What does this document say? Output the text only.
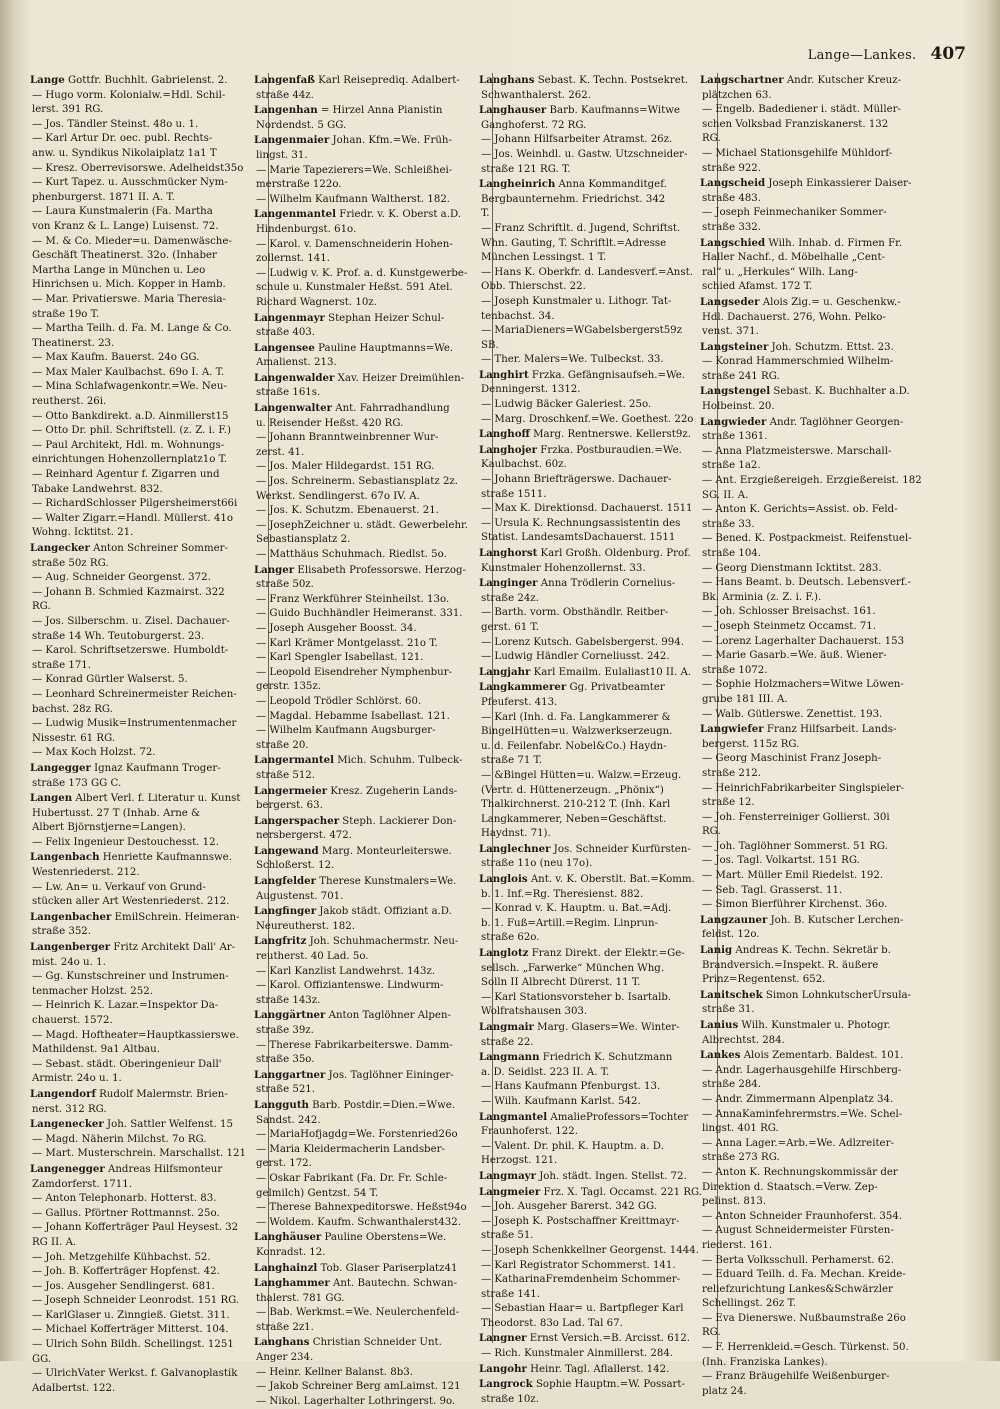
Lange—Lankes. 407

Lange Gottfr. Buchhlt. Gabrielenst. 2.

— Hugo vorm. Kolonialw.=Hdl. Schil-

lerst. 391 RG.

— Jos. Tändler Steinst. 48o u. 1.

— Karl Artur Dr. oec. publ. Rechts-

anw. u. Syndikus Nikolaiplatz 1a1 T

— Kresz. Oberrevisorswe. Adelheidst35o

— Kurt Tapez. u. Ausschmücker Nym-

phenburgerst. 1871 II. A. T.

— Laura Kunstmalerin (Fa. Martha

von Kranz & L. Lange) Luisenst. 72.

— M. & Co. Mieder=u. Damenwäsche-

Geschäft Theatinerst. 32o. (Inhaber

Martha Lange in München u. Leo

Hinrichsen u. Mich. Kopper in Hamb.

— Mar. Privatierswe. Maria Theresia-

straße 19o T.

— Martha Teilh. d. Fa. M. Lange & Co.

Theatinerst. 23.

— Max Kaufm. Bauerst. 24o GG.

— Max Maler Kaulbachst. 69o I. A. T.

— Mina Schlafwagenkontr.=We. Neu-

reutherst. 26i.

— Otto Bankdirekt. a.D. Ainmillerst15

— Otto Dr. phil. Schriftstell. (z. Z. i. F.)

— Paul Architekt, Hdl. m. Wohnungs-

einrichtungen Hohenzollernplatz1o T.

— Reinhard Agentur f. Zigarren und

Tabake Landwehrst. 832.

— RichardSchlosser Pilgersheimerst66i

— Walter Zigarr.=Handl. Müllerst. 41o

Wohng. Icktitst. 21.

Langecker Anton Schreiner Sommer-

straße 50z RG.

— Aug. Schneider Georgenst. 372.

— Johann B. Schmied Kazmairst. 322

RG.

— Jos. Silberschm. u. Zisel. Dachauer-

straße 14 Wh. Teutoburgerst. 23.

— Karol. Schriftsetzerswe. Humboldt-

straße 171.

— Konrad Gürtler Walserst. 5.

— Leonhard Schreinermeister Reichen-

bachst. 28z RG.

— Ludwig Musik=Instrumentenmacher

Nissestr. 61 RG.

— Max Koch Holzst. 72.

Langegger Ignaz Kaufmann Troger-

straße 173 GG C.

Langen Albert Verl. f. Literatur u. Kunst

Hubertusst. 27 T (Inhab. Arne &

Albert Björnstjerne=Langen).

— Felix Ingenieur Destouchesst. 12.

Langenbach Henriette Kaufmannswe.

Westenriederst. 212.

— Lw. An= u. Verkauf von Grund-

stücken aller Art Westenriederst. 212.

Langenbacher EmilSchrein. Heimeran-

straße 352.

Langenberger Fritz Architekt Dall' Ar-

mist. 24o u. 1.

— Gg. Kunstschreiner und Instrumen-

tenmacher Holzst. 252.

— Heinrich K. Lazar.=Inspektor Da-

chauerst. 1572.

— Magd. Hoftheater=Hauptkassierswe.

Mathildenst. 9a1 Altbau.

— Sebast. städt. Oberingenieur Dall'

Armistr. 24o u. 1.

Langendorf Rudolf Malermstr. Brien-

nerst. 312 RG.

Langenecker Joh. Sattler Welfenst. 15

— Magd. Näherin Milchst. 7o RG.

— Mart. Musterschrein. Marschallst. 121

Langenegger Andreas Hilfsmonteur

Zamdorferst. 1711.

— Anton Telephonarb. Hotterst. 83.

— Gallus. Pförtner Rottmannst. 25o.

— Johann Kofferträger Paul Heysest. 32

RG II. A.

— Joh. Metzgehilfe Kühbachst. 52.

— Joh. B. Kofferträger Hopfenst. 42.

— Jos. Ausgeher Sendlingerst. 681.

— Joseph Schneider Leonrodst. 151 RG.

— KarlGlaser u. Zinngieß. Gietst. 311.

— Michael Kofferträger Mitterst. 104.

— Ulrich Sohn Bildh. Schellingst. 1251

GG.

— UlrichVater Werkst. f. Galvanoplastik

Adalbertst. 122.

Langenfaß Karl Reiseprediq. Adalbert-

straße 44z.

Langenhan = Hirzel Anna Pianistin

Nordendst. 5 GG.

Langenmaier Johan. Kfm.=We. Früh-

lingst. 31.

— Marie Tapezierers=We. Schleißhei-

merstraße 122o.

— Wilhelm Kaufmann Waltherst. 182.

Langenmantel Friedr. v. K. Oberst a.D.

Hindenburgst. 61o.

— Karol. v. Damenschneiderin Hohen-

zollernst. 141.

— Ludwig v. K. Prof. a. d. Kunstgewerbe-

schule u. Kunstmaler Heßst. 591 Atel.

Richard Wagnerst. 10z.

Langenmayr Stephan Heizer Schul-

straße 403.

Langensee Pauline Hauptmanns=We.

Amalienst. 213.

Langenwalder Xav. Heizer Dreimühlen-

straße 161s.

Langenwalter Ant. Fahrradhandlung

u. Reisender Heßst. 420 RG.

— Johann Branntweinbrenner Wur-

zerst. 41.

— Jos. Maler Hildegardst. 151 RG.

— Jos. Schreinerm. Sebastiansplatz 2z.

Werkst. Sendlingerst. 67o IV. A.

— Jos. K. Schutzm. Ebenauerst. 21.

— JosephZeichner u. städt. Gewerbelehr.

Sebastiansplatz 2.

— Matthäus Schuhmach. Riedlst. 5o.

Langer Elisabeth Professorswe. Herzog-

straße 50z.

— Franz Werkführer Steinheilst. 13o.

— Guido Buchhändler Heimeranst. 331.

— Joseph Ausgeher Boosst. 34.

— Karl Krämer Montgelasst. 21o T.

— Karl Spengler Isabellast. 121.

— Leopold Eisendreher Nymphenbur-

gerstr. 135z.

— Leopold Trödler Schlörst. 60.

— Magdal. Hebamme Isabellast. 121.

— Wilhelm Kaufmann Augsburger-

straße 20.

Langermantel Mich. Schuhm. Tulbeck-

straße 512.

Langermeier Kresz. Zugeherin Lands-

bergerst. 63.

Langerspacher Steph. Lackierer Don-

nersbergerst. 472.

Langewand Marg. Monteurleiterswe.

Schloßerst. 12.

Langfelder Therese Kunstmalers=We.

Augustenst. 701.

Langfinger Jakob städt. Offiziant a.D.

Neureutherst. 182.

Langfritz Joh. Schuhmachermstr. Neu-

reutherst. 40 Lad. 5o.

— Karl Kanzlist Landwehrst. 143z.

— Karol. Offiziantenswe. Lindwurm-

straße 143z.

Langgärtner Anton Taglöhner Alpen-

straße 39z.

— Therese Fabrikarbeiterswe. Damm-

straße 35o.

Langgartner Jos. Taglöhner Eininger-

straße 521.

Langguth Barb. Postdir.=Dien.=Wwe.

Sandst. 242.

— MariaHofjagdg=We. Forstenried26o

— Maria Kleidermacherin Landsber-

gerst. 172.

— Oskar Fabrikant (Fa. Dr. Fr. Schle-

gelmilch) Gentzst. 54 T.

— Therese Bahnexpeditorswe. Heßst94o

— Woldem. Kaufm. Schwanthalerst432.

Langhäuser Pauline Oberstens=We.

Konradst. 12.

Langhainzl Tob. Glaser Pariserplatz41

Langhammer Ant. Bautechn. Schwan-

thalerst. 781 GG.

— Bab. Werkmst.=We. Neulerchenfeld-

straße 2z1.

Langhans Christian Schneider Unt.

Anger 234.

— Heinr. Kellner Balanst. 8b3.

— Jakob Schreiner Berg amLaimst. 121

— Nikol. Lagerhalter Lothringerst. 9o.

Langhans Sebast. K. Techn. Postsekret.

Schwanthalerst. 262.

Langhauser Barb. Kaufmanns=Witwe

Ganghoferst. 72 RG.

— Johann Hilfsarbeiter Atramst. 26z.

— Jos. Weinhdl. u. Gastw. Utzschneider-

straße 121 RG. T.

Langheinrich Anna Kommanditgef.

Bergbaunternehm. Friedrichst. 342

T.

— Franz Schriftlt. d. Jugend, Schriftst.

Whn. Gauting, T. Schriftlt.=Adresse

München Lessingst. 1 T.

— Hans K. Oberkfr. d. Landesverf.=Anst.

Obb. Thierschst. 22.

— Joseph Kunstmaler u. Lithogr. Tat-

tenbachst. 34.

— MariaDieners=WGabelsbergerst59z

SB.

— Ther. Malers=We. Tulbeckst. 33.

Langhirt Frzka. Gefängnisaufseh.=We.

Denningerst. 1312.

— Ludwig Bäcker Galeriest. 25o.

— Marg. Droschkenf.=We. Goethest. 22o

Langhoff Marg. Rentnerswe. Kellerst9z.

Langhojer Frzka. Postburaudien.=We.

Kaulbachst. 60z.

— Johann Briefträgerswe. Dachauer-

straße 1511.

— Max K. Direktionsd. Dachauerst. 1511

— Ursula K. Rechnungsassistentin des

Statist. LandesamtsDachauerst. 1511

Langhorst Karl Großh. Oldenburg. Prof.

Kunstmaler Hohenzollernst. 33.

Langinger Anna Trödlerin Cornelius-

straße 24z.

— Barth. vorm. Obsthändlr. Reitber-

gerst. 61 T.

— Lorenz Kutsch. Gabelsbergerst. 994.

— Ludwig Händler Corneliusst. 242.

Langjahr Karl Emailm. Eulaliast10 II. A.

Langkammerer Gg. Privatbeamter

Pfeuferst. 413.

— Karl (Inh. d. Fa. Langkammerer &

BingelHütten=u. Walzwerkserzeugn.

u. d. Feilenfabr. Nobel&Co.) Haydn-

straße 71 T.

— &Bingel Hütten=u. Walzw.=Erzeug.

(Vertr. d. Hüttenerzeugn. „Phönix“)

Thalkirchnerst. 210-212 T. (Inh. Karl

Langkammerer, Neben=Geschäftst.

Haydnst. 71).

Langlechner Jos. Schneider Kurfürsten-

straße 11o (neu 17o).

Langlois Ant. v. K. Oberstlt. Bat.=Komm.

b. 1. Inf.=Rg. Theresienst. 882.

— Konrad v. K. Hauptm. u. Bat.=Adj.

b. 1. Fuß=Artill.=Regim. Linprun-

straße 62o.

Langlotz Franz Direkt. der Elektr.=Ge-

sellsch. „Farwerke“ München Whg.

Solln II Albrecht Dürerst. 11 T.

— Karl Stationsvorsteher b. Isartalb.

Wolfratshausen 303.

Langmair Marg. Glasers=We. Winter-

straße 22.

Langmann Friedrich K. Schutzmann

a. D. Seidlst. 223 II. A. T.

— Hans Kaufmann Pfenburgst. 13.

— Wilh. Kaufmann Karlst. 542.

Langmantel AmalieProfessors=Tochter

Fraunhoferst. 122.

— Valent. Dr. phil. K. Hauptm. a. D.

Herzogst. 121.

Langmayr Joh. städt. Ingen. Stellst. 72.

Langmeier Frz. X. Tagl. Occamst. 221 RG.

— Joh. Ausgeher Barerst. 342 GG.

— Joseph K. Postschaffner Kreittmayr-

straße 51.

— Joseph Schenkkellner Georgenst. 1444.

— Karl Registrator Schommerst. 141.

— KatharinaFremdenheim Schommer-

straße 141.

— Sebastian Haar= u. Bartpfleger Karl

Theodorst. 83o Lad. Tal 67.

Langner Ernst Versich.=B. Arcisst. 612.

— Rich. Kunstmaler Ainmillerst. 284.

Langohr Heinr. Tagl. Aflallerst. 142.

Langrock Sophie Hauptm.=W. Possart-

straße 10z.

Langschartner Andr. Kutscher Kreuz-

plätzchen 63.

— Engelb. Badediener i. städt. Müller-

schen Volksbad Franziskanerst. 132

RG.

— Michael Stationsgehilfe Mühldorf-

straße 922.

Langscheid Joseph Einkassierer Daiser-

straße 483.

— Joseph Feinmechaniker Sommer-

straße 332.

Langschied Wilh. Inhab. d. Firmen Fr.

Haller Nachf., d. Möbelhalle „Cent-

ral“ u. „Herkules“ Wilh. Lang-

schied Afamst. 172 T.

Langseder Alois Zig.= u. Geschenkw.-

Hdl. Dachauerst. 276, Wohn. Pelko-

venst. 371.

Langsteiner Joh. Schutzm. Ettst. 23.

— Konrad Hammerschmied Wilhelm-

straße 241 RG.

Langstengel Sebast. K. Buchhalter a.D.

Holbeinst. 20.

Langwieder Andr. Taglöhner Georgen-

straße 1361.

— Anna Platzmeisterswe. Marschall-

straße 1a2.

— Ant. Erzgießereigeh. Erzgießereist. 182

SG. II. A.

— Anton K. Gerichts=Assist. ob. Feld-

straße 33.

— Bened. K. Postpackmeist. Reifenstuel-

straße 104.

— Georg Dienstmann Icktitst. 283.

— Hans Beamt. b. Deutsch. Lebensverf.-

Bk. Arminia (z. Z. i. F.).

— Joh. Schlosser Breisachst. 161.

— Joseph Steinmetz Occamst. 71.

— Lorenz Lagerhalter Dachauerst. 153

— Marie Gasarb.=We. äuß. Wiener-

straße 1072.

— Sophie Holzmachers=Witwe Löwen-

grube 181 III. A.

— Walb. Gütlerswe. Zenettist. 193.

Langwiefer Franz Hilfsarbeit. Lands-

bergerst. 115z RG.

— Georg Maschinist Franz Joseph-

straße 212.

— HeinrichFabrikarbeiter Singlspieler-

straße 12.

— Joh. Fensterreiniger Gollierst. 30i

RG.

— Joh. Taglöhner Sommerst. 51 RG.

— Jos. Tagl. Volkartst. 151 RG.

— Mart. Müller Emil Riedelst. 192.

— Seb. Tagl. Grasserst. 11.

— Simon Bierführer Kirchenst. 36o.

Langzauner Joh. B. Kutscher Lerchen-

feldst. 12o.

Lanig Andreas K. Techn. Sekretär b.

Brandversich.=Inspekt. R. äußere

Prinz=Regentenst. 652.

Lanitschek Simon LohnkutscherUrsula-

straße 31.

Lanius Wilh. Kunstmaler u. Photogr.

Albrechtst. 284.

Lankes Alois Zementarb. Baldest. 101.

— Andr. Lagerhausgehilfe Hirschberg-

straße 284.

— Andr. Zimmermann Alpenplatz 34.

— AnnaKaminfehrermstrs.=We. Schel-

lingst. 401 RG.

— Anna Lager.=Arb.=We. Adlzreiter-

straße 273 RG.

— Anton K. Rechnungskommissär der

Direktion d. Staatsch.=Verw. Zep-

pelinst. 813.

— Anton Schneider Fraunhoferst. 354.

— August Schneidermeister Fürsten-

riederst. 161.

— Berta Volksschull. Perhamerst. 62.

— Eduard Teilh. d. Fa. Mechan. Kreide-

reliefzurichtung Lankes&Schwärzler

Schellingst. 26z T.

— Eva Dienerswe. Nußbaumstraße 26o

RG.

— F. Herrenkleid.=Gesch. Türkenst. 50.

(Inh. Franziska Lankes).

— Franz Bräugehilfe Weißenburger-

platz 24.
